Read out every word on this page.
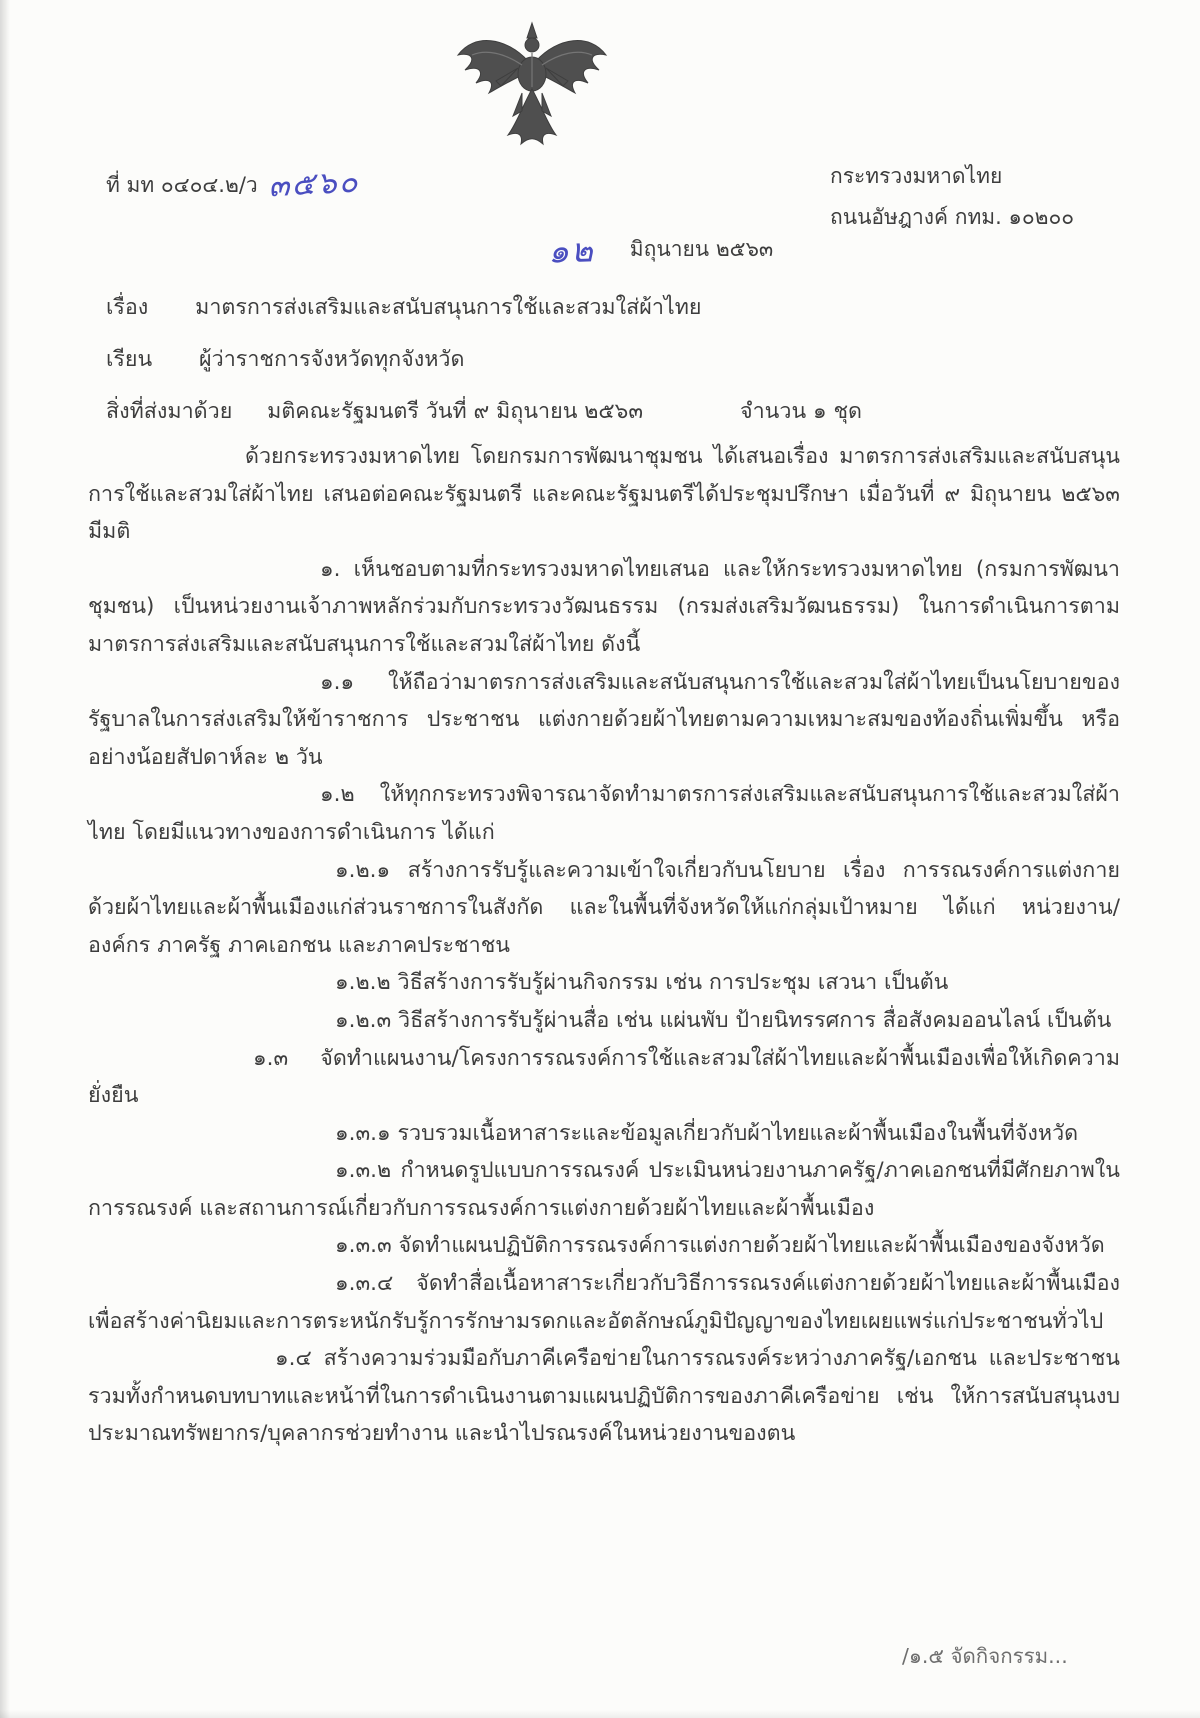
ที่ มท ๐๔๐๔.๒/ว ๓๕๖๐	กระทรวงมหาดไทย
ถนนอัษฎางค์ กทม. ๑๐๒๐๐
๑๒ มิถุนายน ๒๕๖๓
เรื่อง มาตรการส่งเสริมและสนับสนุนการใช้และสวมใส่ผ้าไทย
เรียน ผู้ว่าราชการจังหวัดทุกจังหวัด
สิ่งที่ส่งมาด้วย มติคณะรัฐมนตรี วันที่ ๙ มิถุนายน ๒๕๖๓	จำนวน ๑ ชุด

ด้วยกระทรวงมหาดไทย โดยกรมการพัฒนาชุมชน ได้เสนอเรื่อง มาตรการส่งเสริมและสนับสนุนการใช้และสวมใส่ผ้าไทย เสนอต่อคณะรัฐมนตรี และคณะรัฐมนตรีได้ประชุมปรึกษา เมื่อวันที่ ๙ มิถุนายน ๒๕๖๓ มีมติ

๑. เห็นชอบตามที่กระทรวงมหาดไทยเสนอ และให้กระทรวงมหาดไทย (กรมการพัฒนาชุมชน) เป็นหน่วยงานเจ้าภาพหลักร่วมกับกระทรวงวัฒนธรรม (กรมส่งเสริมวัฒนธรรม) ในการดำเนินการตามมาตรการส่งเสริมและสนับสนุนการใช้และสวมใส่ผ้าไทย ดังนี้

๑.๑ ให้ถือว่ามาตรการส่งเสริมและสนับสนุนการใช้และสวมใส่ผ้าไทยเป็นนโยบายของรัฐบาลในการส่งเสริมให้ข้าราชการ ประชาชน แต่งกายด้วยผ้าไทยตามความเหมาะสมของท้องถิ่นเพิ่มขึ้น หรืออย่างน้อยสัปดาห์ละ ๒ วัน

๑.๒ ให้ทุกกระทรวงพิจารณาจัดทำมาตรการส่งเสริมและสนับสนุนการใช้และสวมใส่ผ้าไทย โดยมีแนวทางของการดำเนินการ ได้แก่

๑.๒.๑ สร้างการรับรู้และความเข้าใจเกี่ยวกับนโยบาย เรื่อง การรณรงค์การแต่งกายด้วยผ้าไทยและผ้าพื้นเมืองแก่ส่วนราชการในสังกัด และในพื้นที่จังหวัดให้แก่กลุ่มเป้าหมาย ได้แก่ หน่วยงาน/องค์กร ภาครัฐ ภาคเอกชน และภาคประชาชน

๑.๒.๒ วิธีสร้างการรับรู้ผ่านกิจกรรม เช่น การประชุม เสวนา เป็นต้น

๑.๒.๓ วิธีสร้างการรับรู้ผ่านสื่อ เช่น แผ่นพับ ป้ายนิทรรศการ สื่อสังคมออนไลน์ เป็นต้น

๑.๓ จัดทำแผนงาน/โครงการรณรงค์การใช้และสวมใส่ผ้าไทยและผ้าพื้นเมืองเพื่อให้เกิดความยั่งยืน

๑.๓.๑ รวบรวมเนื้อหาสาระและข้อมูลเกี่ยวกับผ้าไทยและผ้าพื้นเมืองในพื้นที่จังหวัด

๑.๓.๒ กำหนดรูปแบบการรณรงค์ ประเมินหน่วยงานภาครัฐ/ภาคเอกชนที่มีศักยภาพในการรณรงค์ และสถานการณ์เกี่ยวกับการรณรงค์การแต่งกายด้วยผ้าไทยและผ้าพื้นเมือง

๑.๓.๓ จัดทำแผนปฏิบัติการรณรงค์การแต่งกายด้วยผ้าไทยและผ้าพื้นเมืองของจังหวัด

๑.๓.๔ จัดทำสื่อเนื้อหาสาระเกี่ยวกับวิธีการรณรงค์แต่งกายด้วยผ้าไทยและผ้าพื้นเมือง เพื่อสร้างค่านิยมและการตระหนักรับรู้การรักษามรดกและอัตลักษณ์ภูมิปัญญาของไทยเผยแพร่แก่ประชาชนทั่วไป

๑.๔ สร้างความร่วมมือกับภาคีเครือข่ายในการรณรงค์ระหว่างภาครัฐ/เอกชน และประชาชน รวมทั้งกำหนดบทบาทและหน้าที่ในการดำเนินงานตามแผนปฏิบัติการของภาคีเครือข่าย เช่น ให้การสนับสนุนงบประมาณทรัพยากร/บุคลากรช่วยทำงาน และนำไปรณรงค์ในหน่วยงานของตน

/๑.๕ จัดกิจกรรม...
